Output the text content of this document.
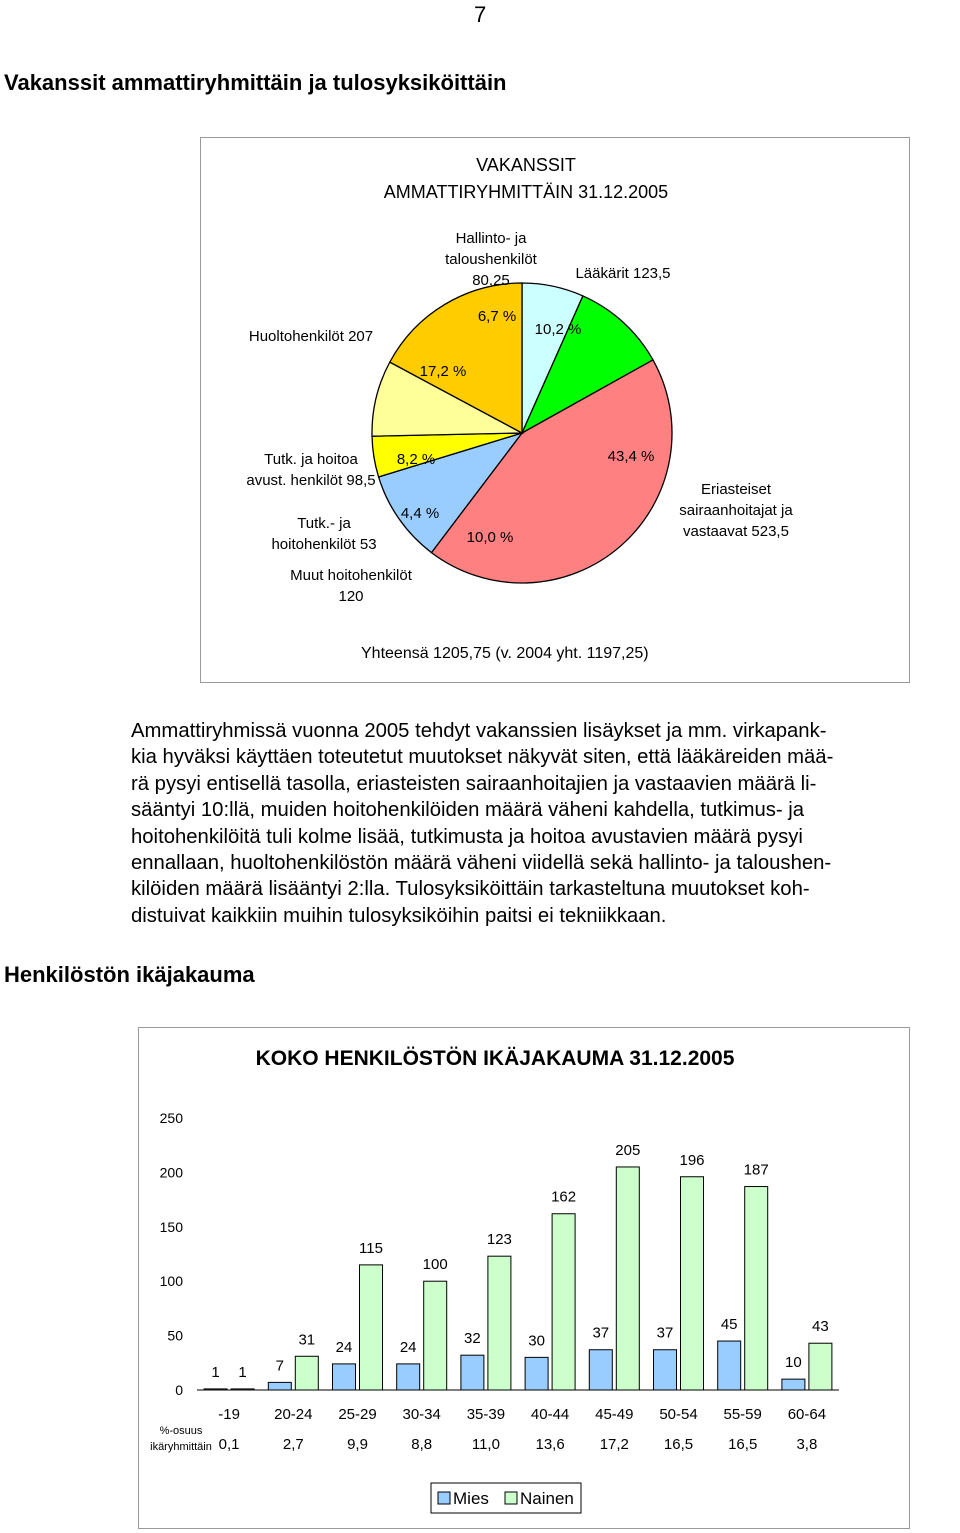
7
Vakanssit ammattiryhmittäin ja tulosyksiköittäin
VAKANSSIT
AMMATTIRYHMITTÄIN 31.12.2005
6,7 %
10,2 %
43,4 %
10,0 %
4,4 %
8,2 %
17,2 %
Hallinto- ja taloushenkilöt 80,25	Lääkärit 123,5
Eriasteiset sairaanhoitajat ja vastaavat 523,5
Muut hoitohenkilöt 120
Tutk.- ja hoitohenkilöt 53
Tutk. ja hoitoa avust. henkilöt 98,5
Huoltohenkilöt 207
Yhteensä 1205,75 (v. 2004 yht. 1197,25)
Ammattiryhmissä vuonna 2005 tehdyt vakanssien lisäykset ja mm. virkapank-
kia hyväksi käyttäen toteutetut muutokset näkyvät siten, että lääkäreiden mää-
rä pysyi entisellä tasolla, eriasteisten sairaanhoitajien ja vastaavien määrä li-
sääntyi 10:llä, muiden hoitohenkilöiden määrä väheni kahdella, tutkimus- ja
hoitohenkilöitä tuli kolme lisää, tutkimusta ja hoitoa avustavien määrä pysyi
ennallaan, huoltohenkilöstön määrä väheni viidellä sekä hallinto- ja taloushen-
kilöiden määrä lisääntyi 2:lla. Tulosyksiköittäin tarkasteltuna muutokset koh-
distuivat kaikkiin muihin tulosyksiköihin paitsi ei tekniikkaan.
Henkilöstön ikäjakauma
KOKO HENKILÖSTÖN IKÄJAKAUMA 31.12.2005
0
50
100
150
200
250
1	7
24	24
32	30	37	37
45
10
1
31
115
100
123
162
205
196
187
43
-19 20-24 25-29 30-34 35-39 40-44 45-49 50-54 55-59 60-64
0,1	2,7	9,9	8,8	11,0 13,6 17,2 16,5 16,5	3,8
%-osuus
ikäryhmittäin
Mies Nainen
